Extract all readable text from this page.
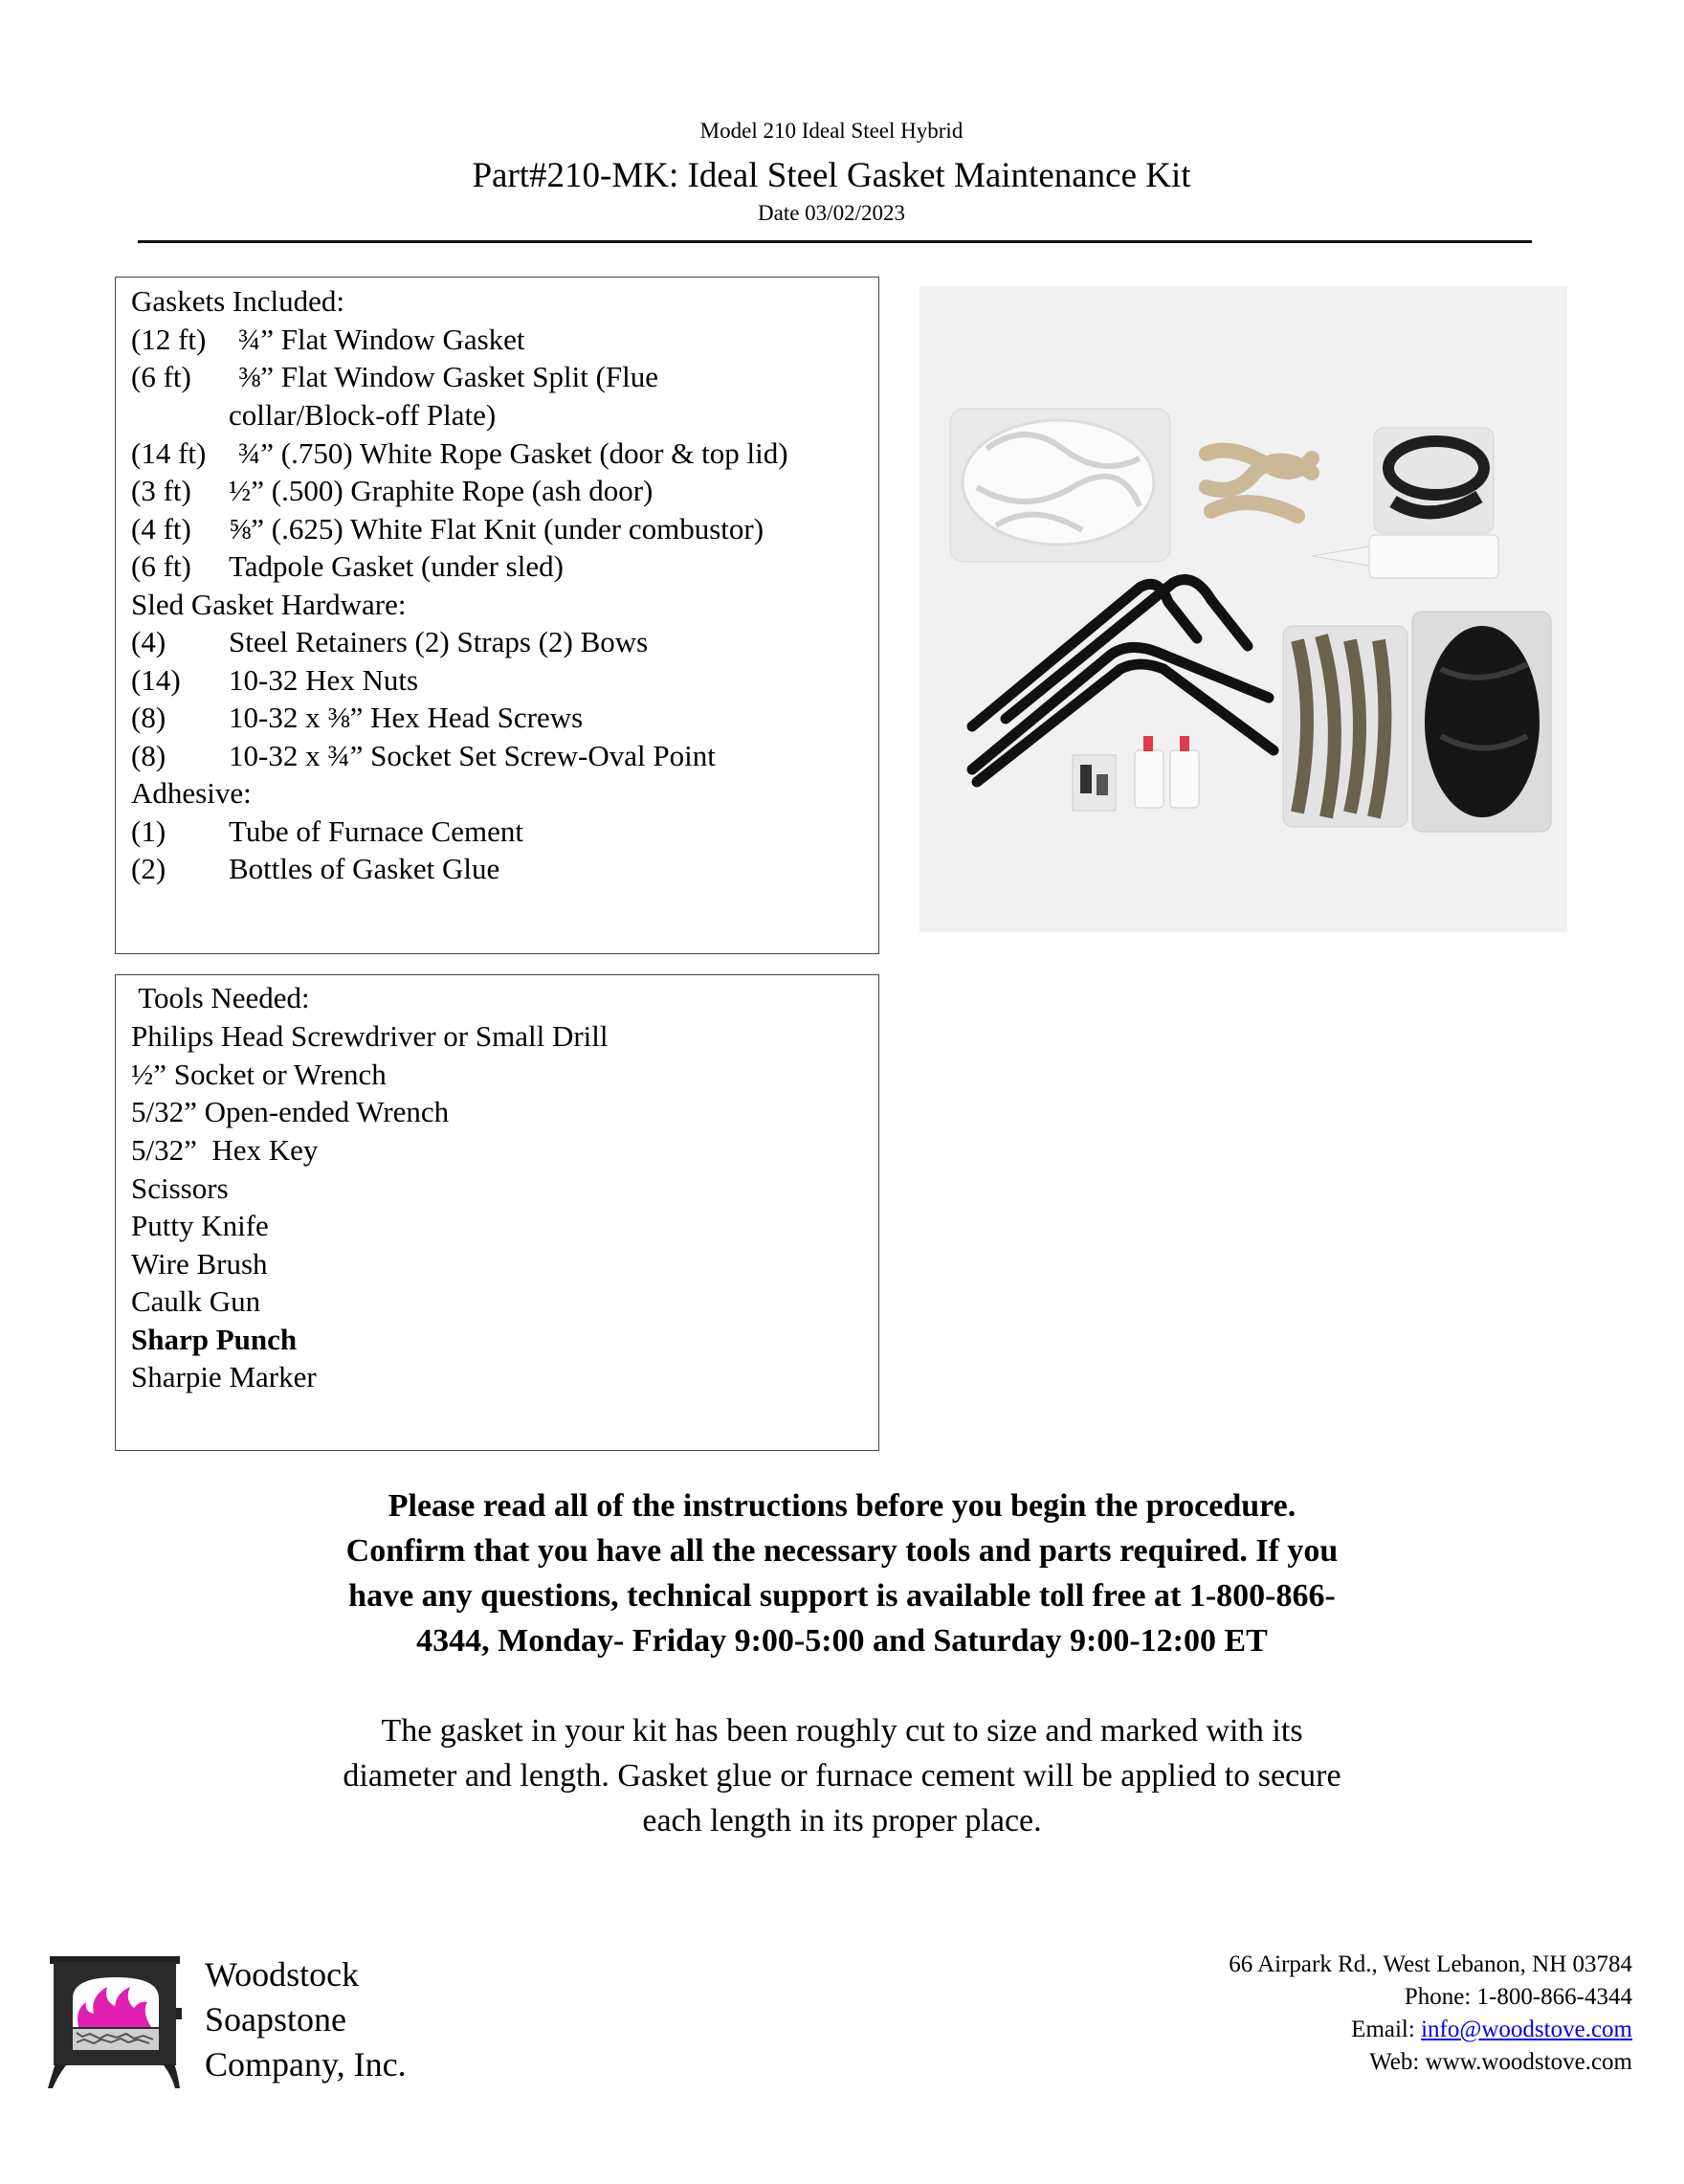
Model 210 Ideal Steel Hybrid
Part#210-MK: Ideal Steel Gasket Maintenance Kit
Date 03/02/2023
Gaskets Included:
(12 ft) ¾” Flat Window Gasket
(6 ft) ⅜” Flat Window Gasket Split (Flue
collar/Block-off Plate)
(14 ft) ¾” (.750) White Rope Gasket (door & top lid)
(3 ft) ½” (.500) Graphite Rope (ash door)
(4 ft) ⅝” (.625) White Flat Knit (under combustor)
(6 ft) Tadpole Gasket (under sled)
Sled Gasket Hardware:
(4) Steel Retainers (2) Straps (2) Bows
(14) 10-32 Hex Nuts
(8) 10-32 x ⅜” Hex Head Screws
(8) 10-32 x ¾” Socket Set Screw-Oval Point
Adhesive:
(1) Tube of Furnace Cement
(2) Bottles of Gasket Glue
Tools Needed:
Philips Head Screwdriver or Small Drill
½” Socket or Wrench
5/32” Open-ended Wrench
5/32”  Hex Key
Scissors
Putty Knife
Wire Brush
Caulk Gun
Sharp Punch
Sharpie Marker
Please read all of the instructions before you begin the procedure.
Confirm that you have all the necessary tools and parts required. If you
have any questions, technical support is available toll free at 1-800-866-
4344, Monday- Friday 9:00-5:00 and Saturday 9:00-12:00 ET
The gasket in your kit has been roughly cut to size and marked with its
diameter and length. Gasket glue or furnace cement will be applied to secure
each length in its proper place.
Woodstock
Soapstone
Company, Inc.
66 Airpark Rd., West Lebanon, NH 03784
Phone: 1-800-866-4344
Email: info@woodstove.com
Web: www.woodstove.com
